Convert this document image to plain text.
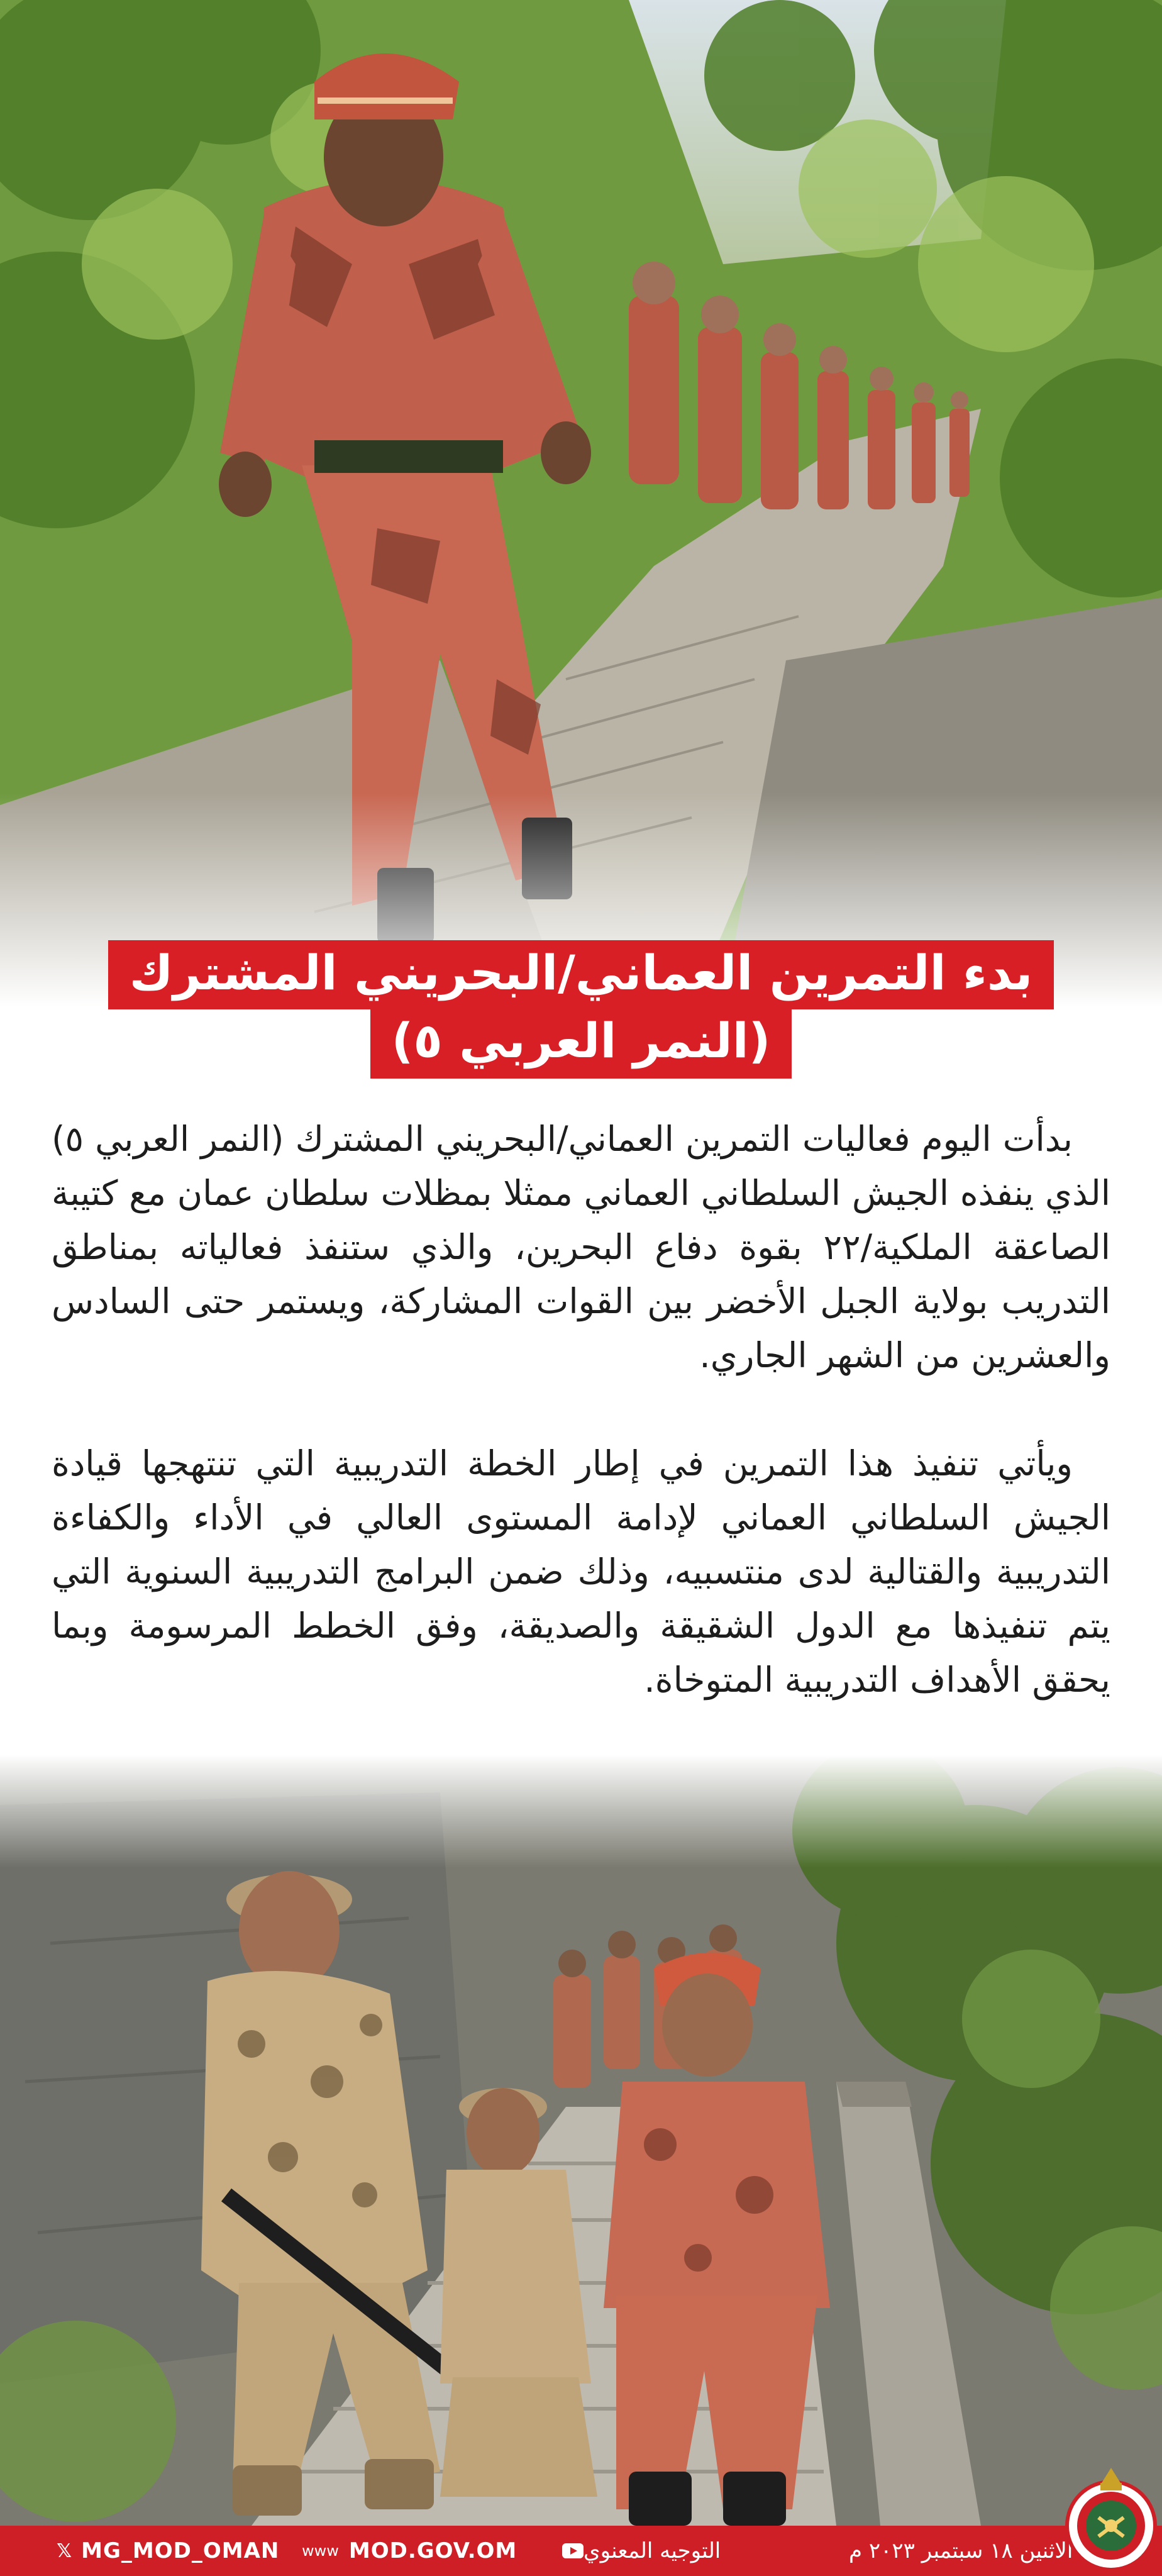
بدء التمرين العماني/البحريني المشترك
(النمر العربي ٥)

بدأت اليوم فعاليات التمرين العماني/البحريني المشترك (النمر العربي ٥) الذي ينفذه الجيش السلطاني العماني ممثلا بمظلات سلطان عمان مع كتيبة الصاعقة الملكية/٢٢ بقوة دفاع البحرين، والذي ستنفذ فعالياته بمناطق التدريب بولاية الجبل الأخضر بين القوات المشاركة، ويستمر حتى السادس والعشرين من الشهر الجاري.

ويأتي تنفيذ هذا التمرين في إطار الخطة التدريبية التي تنتهجها قيادة الجيش السلطاني العماني لإدامة المستوى العالي في الأداء والكفاءة التدريبية والقتالية لدى منتسبيه، وذلك ضمن البرامج التدريبية السنوية التي يتم تنفيذها مع الدول الشقيقة والصديقة، وفق الخطط المرسومة وبما يحقق الأهداف التدريبية المتوخاة.

𝕏 MG_MOD_OMAN www MOD.GOV.OM	التوجيه المعنوي	الاثنين ١٨ سبتمبر ٢٠٢٣ م
